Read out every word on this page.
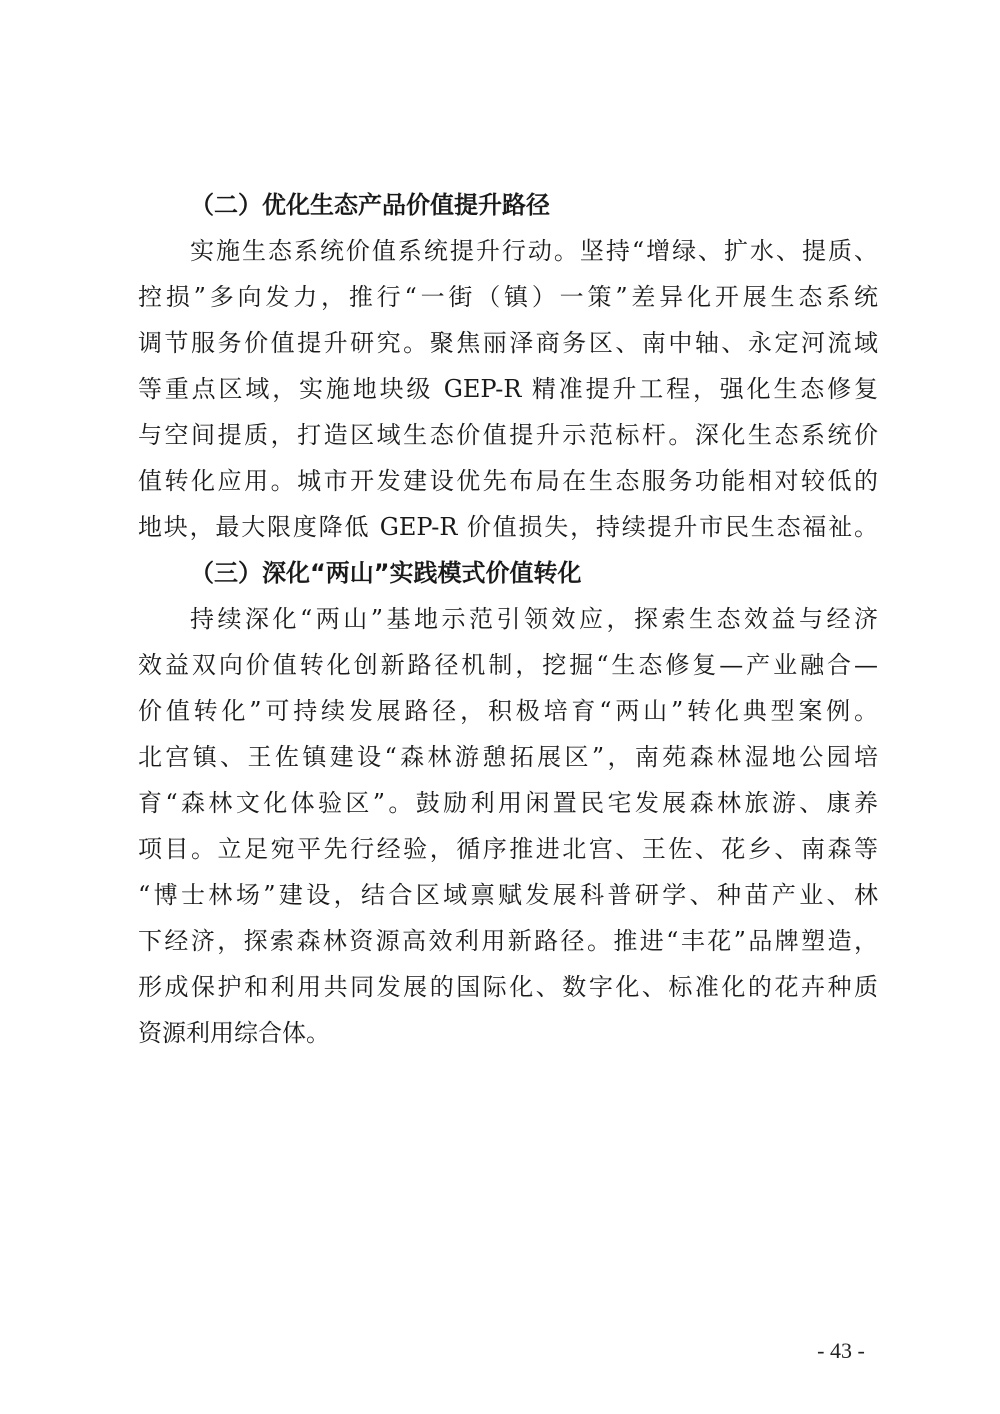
（二）优化生态产品价值提升路径
实施生态系统价值系统提升行动。坚持“增绿、扩水、提质、
控损”多向发力，推行“一街（镇）一策”差异化开展生态系统
调节服务价值提升研究。聚焦丽泽商务区、南中轴、永定河流域
等重点区域，实施地块级 GEP-R 精准提升工程，强化生态修复
与空间提质，打造区域生态价值提升示范标杆。深化生态系统价
值转化应用。城市开发建设优先布局在生态服务功能相对较低的
地块，最大限度降低 GEP-R 价值损失，持续提升市民生态福祉。
（三）深化“两山”实践模式价值转化
持续深化“两山”基地示范引领效应，探索生态效益与经济
效益双向价值转化创新路径机制，挖掘“生态修复—产业融合—
价值转化”可持续发展路径，积极培育“两山”转化典型案例。
北宫镇、王佐镇建设“森林游憩拓展区”，南苑森林湿地公园培
育“森林文化体验区”。鼓励利用闲置民宅发展森林旅游、康养
项目。立足宛平先行经验，循序推进北宫、王佐、花乡、南森等
“博士林场”建设，结合区域禀赋发展科普研学、种苗产业、林
下经济，探索森林资源高效利用新路径。推进“丰花”品牌塑造，
形成保护和利用共同发展的国际化、数字化、标准化的花卉种质
资源利用综合体。
- 43 -
